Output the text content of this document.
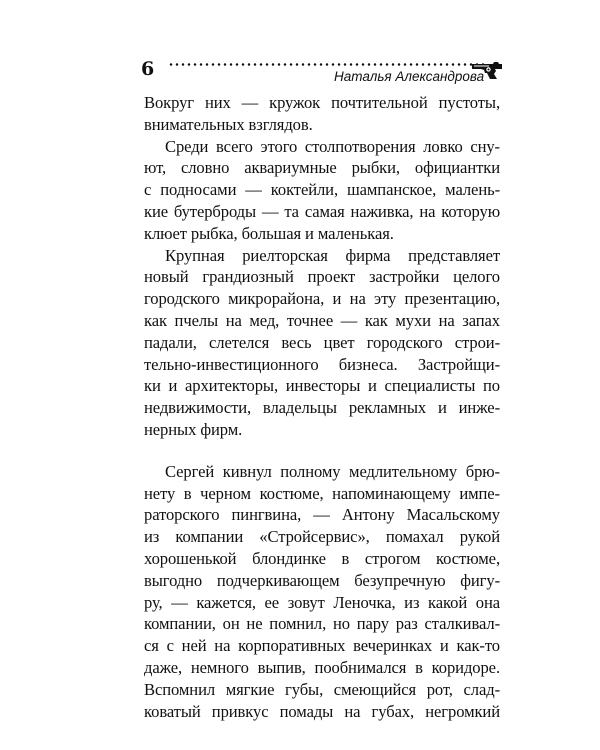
6	Наталья Александрова
Вокруг них — кружок почтительной пустоты,
внимательных взглядов.
Среди всего этого столпотворения ловко сну-
ют, словно аквариумные рыбки, официантки
с подносами — коктейли, шампанское, малень-
кие бутерброды — та самая наживка, на которую
клюет рыбка, большая и маленькая.
Крупная риелторская фирма представляет
новый грандиозный проект застройки целого
городского микрорайона, и на эту презентацию,
как пчелы на мед, точнее — как мухи на запах
падали, слетелся весь цвет городского строи-
тельно-инвестиционного бизнеса. Застройщи-
ки и архитекторы, инвесторы и специалисты по
недвижимости, владельцы рекламных и инже-
нерных фирм.
Сергей кивнул полному медлительному брю-
нету в черном костюме, напоминающему импе-
раторского пингвина, — Антону Масальскому
из компании «Стройсервис», помахал рукой
хорошенькой блондинке в строгом костюме,
выгодно подчеркивающем безупречную фигу-
ру, — кажется, ее зовут Леночка, из какой она
компании, он не помнил, но пару раз сталкивал-
ся с ней на корпоративных вечеринках и как-то
даже, немного выпив, пообнимался в коридоре.
Вспомнил мягкие губы, смеющийся рот, слад-
коватый привкус помады на губах, негромкий
